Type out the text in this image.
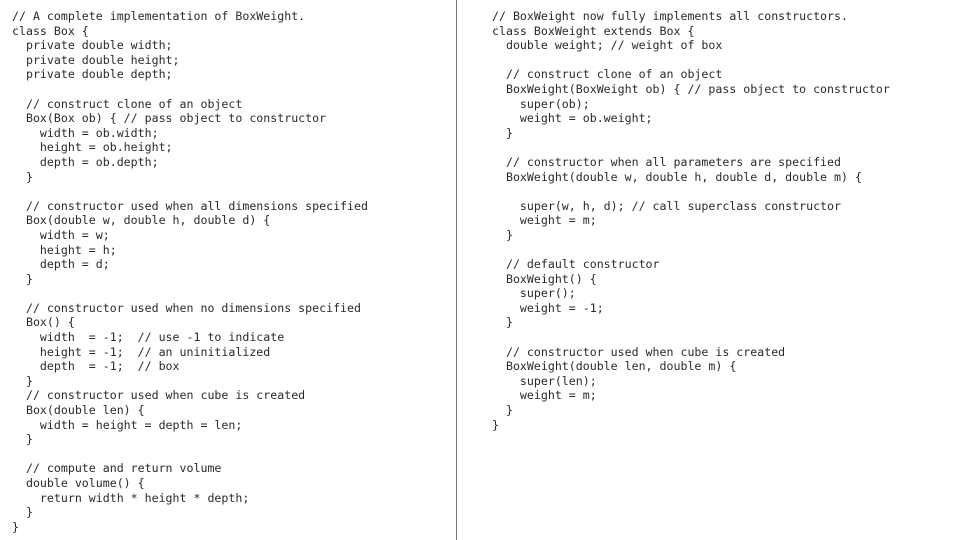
// A complete implementation of BoxWeight.
class Box {
private double width;
private double height;
private double depth;
// construct clone of an object
Box(Box ob) { // pass object to constructor
width = ob.width;
height = ob.height;
depth = ob.depth;
}
// constructor used when all dimensions specified
Box(double w, double h, double d) {
width = w;
height = h;
depth = d;
}
// constructor used when no dimensions specified
Box() {
width  = -1;  // use -1 to indicate
height = -1;  // an uninitialized
depth  = -1;  // box
}
// constructor used when cube is created
Box(double len) {
width = height = depth = len;
}
// compute and return volume
double volume() {
return width * height * depth;
}
}
// BoxWeight now fully implements all constructors.
class BoxWeight extends Box {
double weight; // weight of box
// construct clone of an object
BoxWeight(BoxWeight ob) { // pass object to constructor
super(ob);
weight = ob.weight;
}
// constructor when all parameters are specified
BoxWeight(double w, double h, double d, double m) {
super(w, h, d); // call superclass constructor
weight = m;
}
// default constructor
BoxWeight() {
super();
weight = -1;
}
// constructor used when cube is created
BoxWeight(double len, double m) {
super(len);
weight = m;
}
}
